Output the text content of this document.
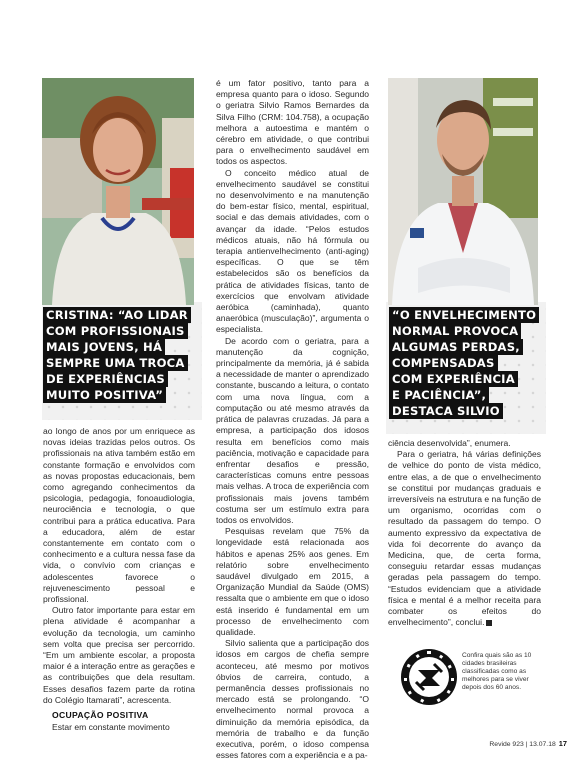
CRISTINA: “AO LIDAR
COM PROFISSIONAIS
MAIS JOVENS, HÁ
SEMPRE UMA TROCA
DE EXPERIÊNCIAS
MUITO POSITIVA”
“O ENVELHECIMENTO
NORMAL PROVOCA
ALGUMAS PERDAS,
COMPENSADAS
COM EXPERIÊNCIA
E PACIÊNCIA”,
DESTACA SILVIO

ao longo de anos por um enriquece as novas ideias trazidas pelos outros. Os profissionais na ativa também estão em constante formação e envolvidos com as novas propostas educacionais, bem como agregando conhecimentos da psicologia, pedagogia, fonoaudiologia, neurociência e tecnologia, o que contribui para a prática educativa. Para a educadora, além de estar constantemente em contato com o conhecimento e a cultura nessa fase da vida, o convívio com crianças e adolescentes favorece o rejuvenescimento pessoal e profissional.

Outro fator importante para estar em plena atividade é acompanhar a evolução da tecnologia, um caminho sem volta que precisa ser percorrido. “Em um ambiente escolar, a proposta maior é a interação entre as gerações e as contribuições que dela resultam. Esses desafios fazem parte da rotina do Colégio Itamarati”, acrescenta.

OCUPAÇÃO POSITIVA

Estar em constante movimento

é um fator positivo, tanto para a empresa quanto para o idoso. Segundo o geriatra Silvio Ramos Bernardes da Silva Filho (CRM: 104.758), a ocupação melhora a autoestima e mantém o cérebro em atividade, o que contribui para o envelhecimento saudável em todos os aspectos.

O conceito médico atual de envelhecimento saudável se constitui no desenvolvimento e na manutenção do bem-estar físico, mental, espiritual, social e das demais atividades, com o avançar da idade. “Pelos estudos médicos atuais, não há fórmula ou terapia antienvelhecimento (anti-aging) específicas. O que se têm estabelecidos são os benefícios da prática de atividades físicas, tanto de exercícios que envolvam atividade aeróbica (caminhada), quanto anaeróbica (musculação)”, argumenta o especialista.

De acordo com o geriatra, para a manutenção da cognição, principalmente da memória, já é sabida a necessidade de manter o aprendizado constante, buscando a leitura, o contato com uma nova língua, com a computação ou até mesmo através da prática de palavras cruzadas. Já para a empresa, a participação dos idosos resulta em benefícios como mais paciência, motivação e capacidade para enfrentar desafios e pressão, características comuns entre pessoas mais velhas. A troca de experiência com profissionais mais jovens também costuma ser um estímulo extra para todos os envolvidos.

Pesquisas revelam que 75% da longevidade está relacionada aos hábitos e apenas 25% aos genes. Em relatório sobre envelhecimento saudável divulgado em 2015, a Organização Mundial da Saúde (OMS) ressalta que o ambiente em que o idoso está inserido é fundamental em um processo de envelhecimento com qualidade.

Silvio salienta que a participação dos idosos em cargos de chefia sempre aconteceu, até mesmo por motivos óbvios de carreira, contudo, a permanência desses profissionais no mercado está se prolongando. “O envelhecimento normal provoca a diminuição da memória episódica, da memória de trabalho e da função executiva, porém, o idoso compensa esses fatores com a experiência e a pa-

ciência desenvolvida”, enumera.

Para o geriatra, há várias definições de velhice do ponto de vista médico, entre elas, a de que o envelhecimento se constitui por mudanças graduais e irreversíveis na estrutura e na função de um organismo, ocorridas com o resultado da passagem do tempo. O aumento expressivo da expectativa de vida foi decorrente do avanço da Medicina, que, de certa forma, conseguiu retardar essas mudanças geradas pela passagem do tempo. “Estudos evidenciam que a atividade física e mental é a melhor receita para combater os efeitos do envelhecimento”, conclui.

Confira quais são as 10 cidades brasileiras classificadas como as melhores para se viver depois dos 60 anos.
Revide 923 | 13.07.18 17
